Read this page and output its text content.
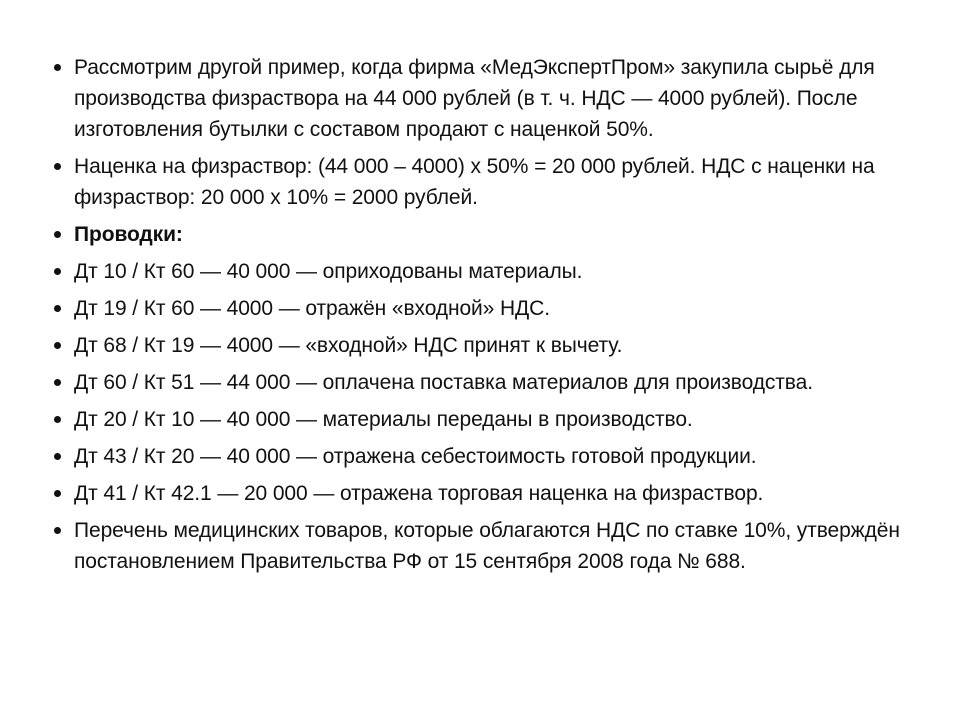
Рассмотрим другой пример, когда фирма «МедЭкспертПром» закупила сырьё для производства физраствора на 44 000 рублей (в т. ч. НДС — 4000 рублей). После изготовления бутылки с составом продают с наценкой 50%.
Наценка на физраствор: (44 000 – 4000) х 50% = 20 000 рублей. НДС с наценки на физраствор: 20 000 х 10% = 2000 рублей.
Проводки:
Дт 10 / Кт 60 — 40 000 — оприходованы материалы.
Дт 19 / Кт 60 — 4000 — отражён «входной» НДС.
Дт 68 / Кт 19 — 4000 — «входной» НДС принят к вычету.
Дт 60 / Кт 51 — 44 000 — оплачена поставка материалов для производства.
Дт 20 / Кт 10 — 40 000 — материалы переданы в производство.
Дт 43 / Кт 20 — 40 000 — отражена себестоимость готовой продукции.
Дт 41 / Кт 42.1 — 20 000 — отражена торговая наценка на физраствор.
Перечень медицинских товаров, которые облагаются НДС по ставке 10%, утверждён постановлением Правительства РФ от 15 сентября 2008 года № 688.
